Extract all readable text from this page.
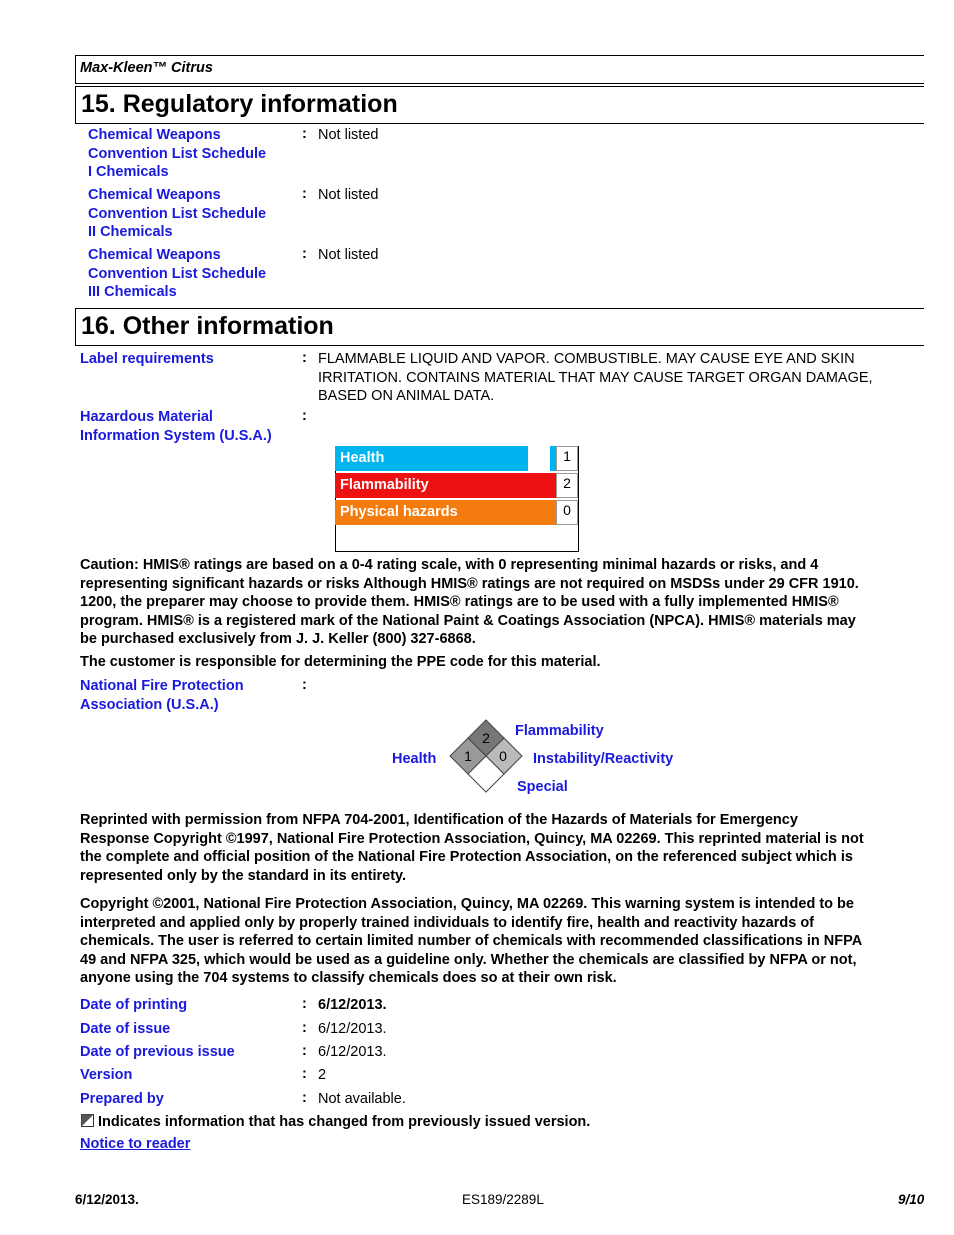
Max-Kleen™ Citrus
15. Regulatory information
Chemical Weapons
Convention List Schedule
I Chemicals
: Not listed
Chemical Weapons
Convention List Schedule
II Chemicals
: Not listed
Chemical Weapons
Convention List Schedule
III Chemicals
: Not listed
16. Other information
Label requirements	: FLAMMABLE LIQUID AND VAPOR. COMBUSTIBLE. MAY CAUSE EYE AND SKIN
IRRITATION. CONTAINS MATERIAL THAT MAY CAUSE TARGET ORGAN DAMAGE,
BASED ON ANIMAL DATA.
Hazardous Material
Information System (U.S.A.)
:
Health	1
Flammability	2
Physical hazards	0
Caution: HMIS® ratings are based on a 0-4 rating scale, with 0 representing minimal hazards or risks, and 4
representing significant hazards or risks Although HMIS® ratings are not required on MSDSs under 29 CFR 1910.
1200, the preparer may choose to provide them. HMIS® ratings are to be used with a fully implemented HMIS®
program. HMIS® is a registered mark of the National Paint & Coatings Association (NPCA). HMIS® materials may
be purchased exclusively from J. J. Keller (800) 327-6868.
The customer is responsible for determining the PPE code for this material.
National Fire Protection
Association (U.S.A.)
:
2
1 0
Flammability
Health	Instability/Reactivity
Special
Reprinted with permission from NFPA 704-2001, Identification of the Hazards of Materials for Emergency
Response Copyright ©1997, National Fire Protection Association, Quincy, MA 02269. This reprinted material is not
the complete and official position of the National Fire Protection Association, on the referenced subject which is
represented only by the standard in its entirety.
Copyright ©2001, National Fire Protection Association, Quincy, MA 02269. This warning system is intended to be
interpreted and applied only by properly trained individuals to identify fire, health and reactivity hazards of
chemicals. The user is referred to certain limited number of chemicals with recommended classifications in NFPA
49 and NFPA 325, which would be used as a guideline only. Whether the chemicals are classified by NFPA or not,
anyone using the 704 systems to classify chemicals does so at their own risk.
Date of printing	: 6/12/2013.
Date of issue	: 6/12/2013.
Date of previous issue	: 6/12/2013.
Version	: 2
Prepared by	: Not available.
Indicates information that has changed from previously issued version.
Notice to reader
6/12/2013.	ES189/2289L	9/10
